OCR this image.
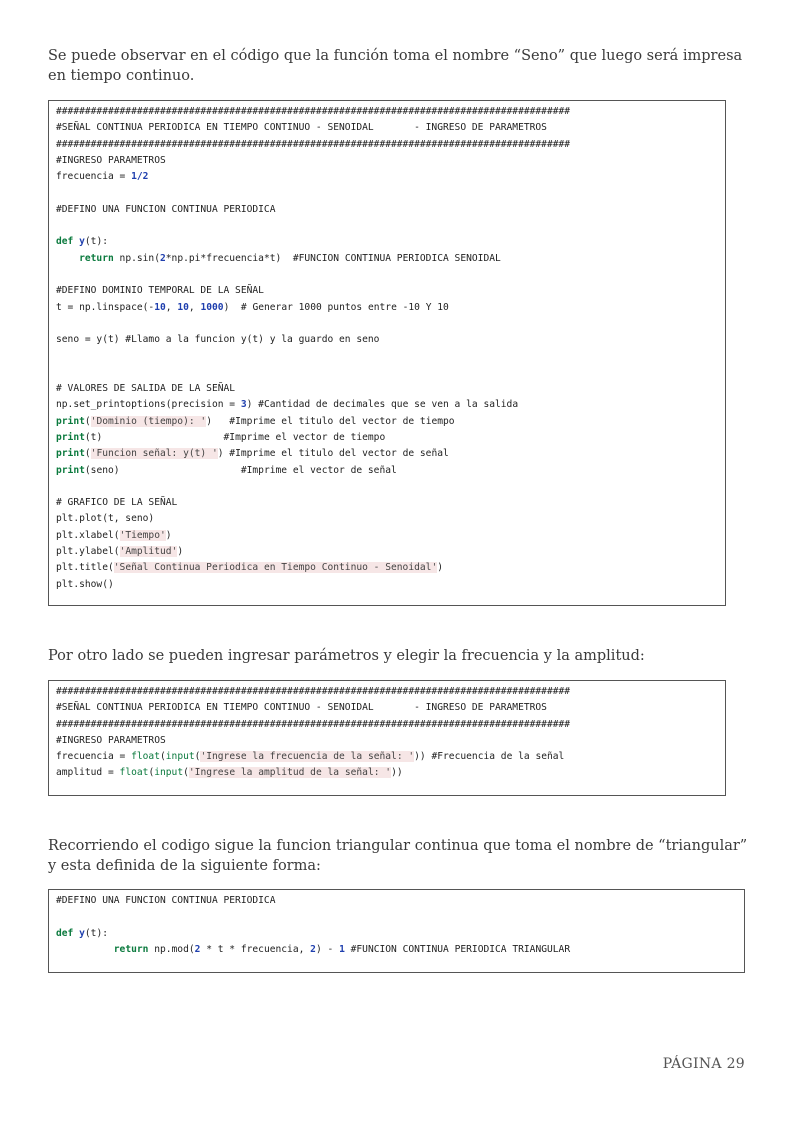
Se puede observar en el código que la función toma el nombre “Seno” que luego será impresa en tiempo continuo.

#########################################################################################
#SEÑAL CONTINUA PERIODICA EN TIEMPO CONTINUO - SENOIDAL       - INGRESO DE PARAMETROS
#########################################################################################
#INGRESO PARAMETROS
frecuencia = 1/2
#DEFINO UNA FUNCION CONTINUA PERIODICA
def y(t):
return np.sin(2*np.pi*frecuencia*t)  #FUNCION CONTINUA PERIODICA SENOIDAL
#DEFINO DOMINIO TEMPORAL DE LA SEÑAL
t = np.linspace(-10, 10, 1000)  # Generar 1000 puntos entre -10 Y 10
seno = y(t) #Llamo a la funcion y(t) y la guardo en seno
# VALORES DE SALIDA DE LA SEÑAL
np.set_printoptions(precision = 3) #Cantidad de decimales que se ven a la salida
print('Dominio (tiempo): ')   #Imprime el titulo del vector de tiempo
print(t)                     #Imprime el vector de tiempo
print('Funcion señal: y(t) ') #Imprime el titulo del vector de señal
print(seno)                     #Imprime el vector de señal
# GRAFICO DE LA SEÑAL
plt.plot(t, seno)
plt.xlabel('Tiempo')
plt.ylabel('Amplitud')
plt.title('Señal Continua Periodica en Tiempo Continuo - Senoidal')
plt.show()

Por otro lado se pueden ingresar parámetros y elegir la frecuencia y la amplitud:

#########################################################################################
#SEÑAL CONTINUA PERIODICA EN TIEMPO CONTINUO - SENOIDAL       - INGRESO DE PARAMETROS
#########################################################################################
#INGRESO PARAMETROS
frecuencia = float(input('Ingrese la frecuencia de la señal: ')) #Frecuencia de la señal
amplitud = float(input('Ingrese la amplitud de la señal: '))

Recorriendo el codigo sigue la funcion triangular continua que toma el nombre de “triangular” y esta definida de la siguiente forma:

#DEFINO UNA FUNCION CONTINUA PERIODICA
def y(t):
return np.mod(2 * t * frecuencia, 2) - 1 #FUNCION CONTINUA PERIODICA TRIANGULAR
PÁGINA 29
